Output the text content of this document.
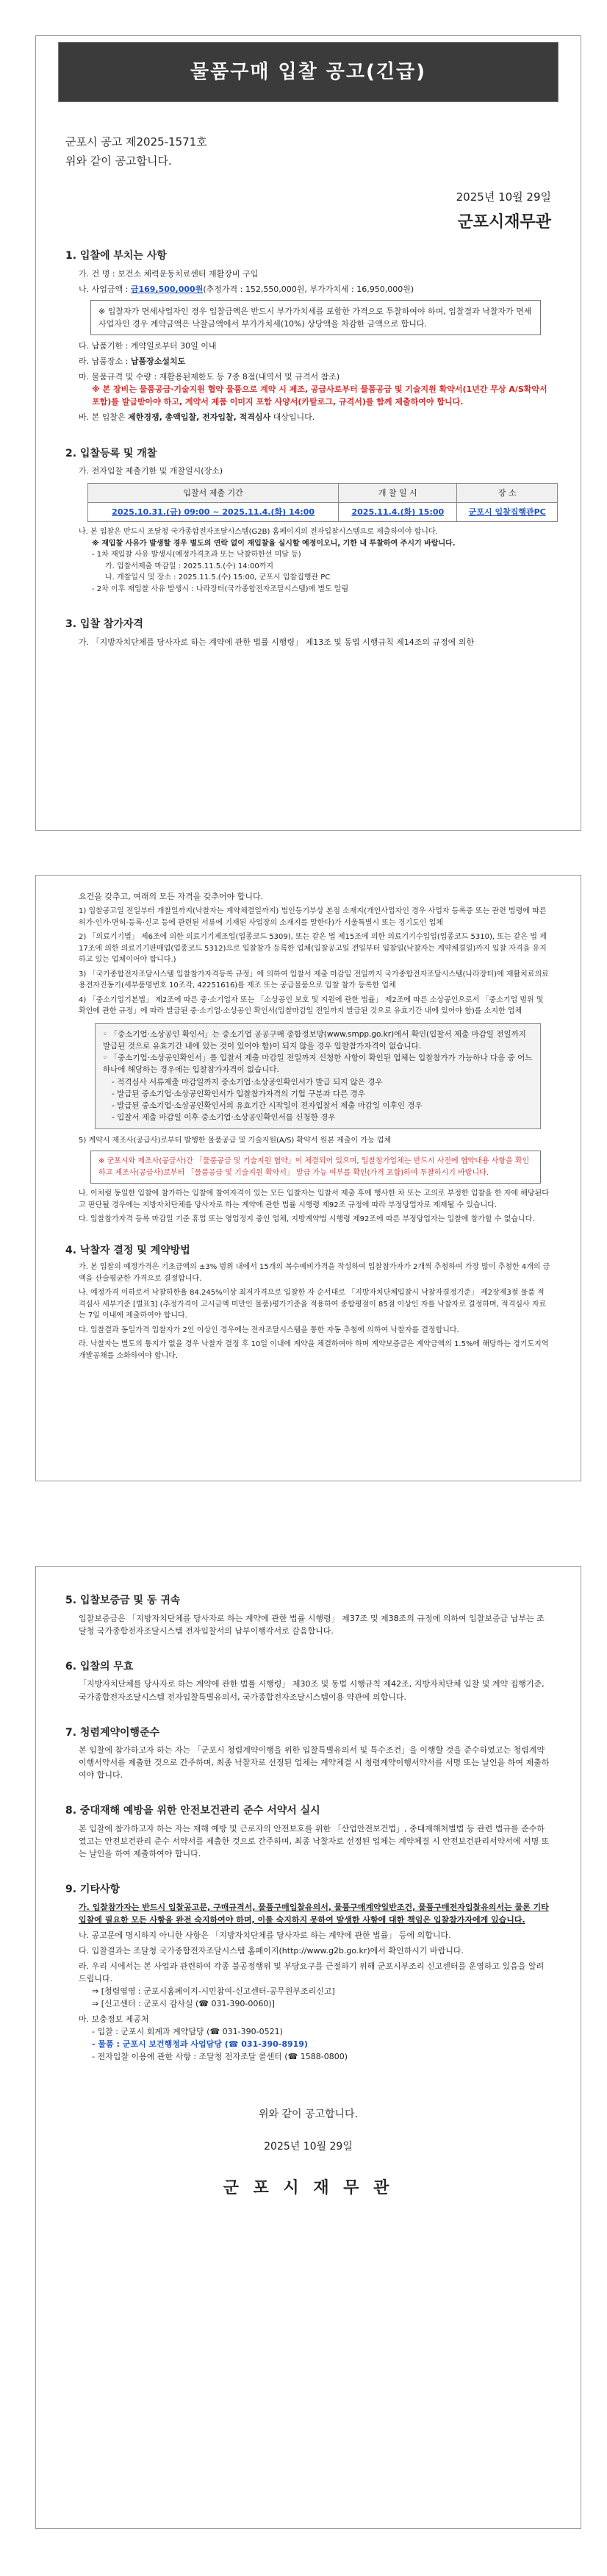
물품구매 입찰 공고(긴급)
군포시 공고 제2025-1571호
위와 같이 공고합니다.
2025년 10월 29일
군포시재무관
1. 입찰에 부치는 사항
가. 건 명 : 보건소 체력운동치료센터 재활장비 구입
나. 사업금액 : 금169,500,000원(추정가격 : 152,550,000원, 부가가치세 : 16,950,000원)
※ 입찰자가 면세사업자인 경우 입찰금액은 반드시 부가가치세를 포함한 가격으로 투찰하여야 하며, 입찰결과 낙찰자가 면세사업자인 경우 계약금액은 낙찰금액에서 부가가치세(10%) 상당액을 차감한 금액으로 합니다.
다. 납품기한 : 계약일로부터 30일 이내
라. 납품장소 : 납품장소설치도
마. 물품규격 및 수량 : 재활용된제한도 등 7종 8점(내역서 및 규격서 참조)
※ 본 장비는 물품공급·기술지원 협약 물품으로 계약 시 제조, 공급사로부터 물품공급 및 기술지원 확약서(1년간 무상 A/S확약서 포함)를 발급받아야 하고, 계약서 제품 이미지 포함 사양서(카탈로그, 규격서)를 함께 제출하여야 합니다.
바. 본 입찰은 제한경쟁, 총액입찰, 전자입찰, 적격심사 대상입니다.
2. 입찰등록 및 개찰
가. 전자입찰 제출기한 및 개찰일시(장소)
입찰서 제출 기간	개 찰 일 시	장 소
2025.10.31.(금) 09:00 ~ 2025.11.4.(화) 14:00	2025.11.4.(화) 15:00	군포시 입찰집행관PC
나. 본 입찰은 반드시 조달청 국가종합전자조달시스템(G2B) 홈페이지의 전자입찰시스템으로 제출하여야 합니다.
※ 재입찰 사유가 발생할 경우 별도의 연락 없이 재입찰을 실시할 예정이오니, 기한 내 투찰하여 주시기 바랍니다.
- 1차 재입찰 사유 발생시(예정가격초과 또는 낙찰하한선 미달 등)
가. 입찰서제출 마감일 : 2025.11.5.(수) 14:00까지
나. 개찰일시 및 장소 : 2025.11.5.(수) 15:00, 군포시 입찰집행관 PC
- 2차 이후 재입찰 사유 발생시 : 나라장터(국가종합전자조달시스템)에 별도 알림
3. 입찰 참가자격
가. 「지방자치단체를 당사자로 하는 계약에 관한 법률 시행령」 제13조 및 동법 시행규칙 제14조의 규정에 의한
요건을 갖추고, 여래의 모든 자격을 갖추어야 합니다.
1) 입찰공고일 전일부터 개찰일까지(낙찰자는 계약체결일까지) 법인등기부상 본점 소재지(개인사업자인 경우 사업자 등록증 또는 관련 법령에 따른 허가·인가·면허·등록·신고 등에 관련된 서류에 기재된 사업장의 소재지를 말한다)가 서울특별시 또는 경기도인 업체
2) 「의료기기법」 제6조에 의한 의료기기제조업(업종코드 5309), 또는 같은 법 제15조에 의한 의료기기수입업(업종코드 5310), 또는 같은 법 제17조에 의한 의료기기판매업(업종코드 5312)으로 입찰참가 등록한 업체(입찰공고일 전일부터 입찰일(낙찰자는 계약체결일)까지 입찰 자격을 유지하고 있는 업체이어야 합니다.)
3) 「국가종합전자조달시스템 입찰참가자격등록 규정」에 의하여 입찰서 제출 마감일 전일까지 국가종합전자조달시스템(나라장터)에 재활치료의료용전자진동기(세부품명번호 10조각, 42251616)를 제조 또는 공급물품으로 입찰 참가 등록한 업체
4) 「중소기업기본법」 제2조에 따른 중·소기업자 또는 「소상공인 보호 및 지원에 관한 법률」 제2조에 따른 소상공인으로서 「중소기업 범위 및 확인에 관한 규정」에 따라 발급된 중·소기업·소상공인 확인서(입찰마감일 전일까지 발급된 것으로 유효기간 내에 있어야 함)를 소지한 업체
◦ 「중소기업·소상공인 확인서」는 중소기업 공공구매 종합정보망(www.smpp.go.kr)에서 확인(입찰서 제출 마감일 전일까지 발급된 것으로 유효기간 내에 있는 것이 있어야 함)이 되지 않을 경우 입찰참가자격이 없습니다.
◦ 「중소기업·소상공인확인서」를 입찰서 제출 마감일 전일까지 신청한 사항이 확인된 업체는 입찰참가가 가능하나 다음 중 어느 하나에 해당하는 경우에는 입찰참가자격이 없습니다.
- 적격심사 서류제출 마감일까지 중소기업·소상공인확인서가 발급 되지 않은 경우
- 발급된 중소기업·소상공인확인서가 입찰참가자격의 기업 구분과 다른 경우
- 발급된 중소기업·소상공인확인서의 유효기간 시작일이 전자입찰서 제출 마감일 이후인 경우
- 입찰서 제출 마감일 이후 중소기업·소상공인확인서를 신청한 경우
5) 계약시 제조사(공급사)로부터 발행한 물품공급 및 기술지원(A/S) 확약서 원본 제출이 가능 업체
※ 군포시와 제조사(공급사)간 「물품공급 및 기술지원 협약」이 체결되어 있으며, 입찰참가업체는 반드시 사전에 협약내용 사항을 확인하고 제조사(공급사)로부터 「물품공급 및 기술지원 확약서」 발급 가능 여부를 확인(가격 포함)하여 투찰하시기 바랍니다.
나. 이처럼 동일한 입찰에 참가하는 입찰에 참여자격이 있는 모든 입찰자는 입찰서 제출 후에 행사한 차 또는 고의로 부정한 입찰을 한 자에 해당된다고 판단될 경우에는 지방자치단체를 당사자로 하는 계약에 관한 법률 시행령 제92조 규정에 따라 부정당업자로 제재될 수 있습니다.
다. 입찰참가자격 등록 마감일 기준 휴업 또는 영업정지 중인 업체, 지방계약법 시행령 제92조에 따른 부정당업자는 입찰에 참가할 수 없습니다.
4. 낙찰자 결정 및 계약방법
가. 본 입찰의 예정가격은 기초금액의 ±3% 범위 내에서 15개의 복수예비가격을 작성하여 입찰참가자가 2개씩 추첨하여 가장 많이 추첨한 4개의 금액을 산술평균한 가격으로 결정합니다.
나. 예정가격 이하로서 낙찰하한율 84.245%이상 최저가격으로 입찰한 자 순서대로 「지방자치단체입찰시 낙찰자결정기준」 제2장제3절 물품 적격심사 세부기준 [별표3] (추정가격이 고시금액 미만인 물품)평가기준을 적용하여 종합평점이 85점 이상인 자를 낙찰자로 결정하며, 적격심사 자료는 7일 이내에 제출하여야 합니다.
다. 입찰결과 동일가격 입찰자가 2인 이상인 경우에는 전자조달시스템을 통한 자동 추첨에 의하여 낙찰자를 결정합니다.
라. 낙찰자는 별도의 통지가 없을 경우 낙찰자 결정 후 10일 이내에 계약을 체결하여야 하며 계약보증금은 계약금액의 1.5%에 해당하는 경기도지역개발공채를 소화하여야 합니다.
5. 입찰보증금 및 동 귀속
입찰보증금은 「지방자치단체를 당사자로 하는 계약에 관한 법률 시행령」 제37조 및 제38조의 규정에 의하여 입찰보증금 납부는 조달청 국가종합전자조달시스템 전자입찰서의 납부이행각서로 갈음합니다.
6. 입찰의 무효
「지방자치단체를 당사자로 하는 계약에 관한 법률 시행령」 제30조 및 동법 시행규칙 제42조, 지방자치단체 입찰 및 계약 집행기준, 국가종합전자조달시스템 전자입찰특별유의서, 국가종합전자조달시스템이용 약관에 의합니다.
7. 청렴계약이행준수
본 입찰에 참가하고자 하는 자는 「군포시 청렴계약이행을 위한 입찰특별유의서 및 특수조건」을 이행할 것을 준수하였고는 청렴계약이행서약서를 제출한 것으로 간주하며, 최종 낙찰자로 선정된 업체는 계약체결 시 청렴계약이행서약서를 서명 또는 날인을 하여 제출하여야 합니다.
8. 중대재해 예방을 위한 안전보건관리 준수 서약서 실시
본 입찰에 참가하고자 하는 자는 재해 예방 및 근로자의 안전보호를 위한 「산업안전보건법」, 중대재해처벌법 등 관련 법규를 준수하였고는 안전보건관리 준수 서약서를 제출한 것으로 간주하며, 최종 낙찰자로 선정된 업체는 계약체결 시 안전보건관리서약서에 서명 또는 날인을 하여 제출하여야 합니다.
9. 기타사항
가. 입찰참가자는 반드시 입찰공고문, 구매규격서, 물품구매입찰유의서, 물품구매계약일반조건, 물품구매전자입찰유의서는 물론 기타 입찰에 필요한 모든 사항을 완전 숙지하여야 하며, 이를 숙지하지 못하여 발생한 사항에 대한 책임은 입찰참가자에게 있습니다.
나. 공고문에 명시하지 아니한 사항은 「지방자치단체를 당사자로 하는 계약에 관한 법률」 등에 의합니다.
다. 입찰결과는 조달청 국가종합전자조달시스템 홈페이지(http://www.g2b.go.kr)에서 확인하시기 바랍니다.
라. 우리 시에서는 본 사업과 관련하여 각종 불공정행위 및 부당요구를 근절하기 위해 군포시부조리 신고센터를 운영하고 있음을 알려 드립니다.
⇒ [청렴엽영 : 군포시홈페이지-시민참여-신고센터-공무원부조리신고]
⇒ [신고센터 : 군포시 감사실 (☎ 031-390-0060)]
마. 보충정보 제공처
- 입찰 : 군포시 회계과 계약담당 (☎ 031-390-0521)
- 물품 : 군포시 보건행정과 사업담당 (☎ 031-390-8919)
- 전자입찰 이용에 관한 사항 : 조달청 전자조달 콜센터 (☎ 1588-0800)
위와 같이 공고합니다.
2025년 10월 29일
군 포 시 재 무 관
